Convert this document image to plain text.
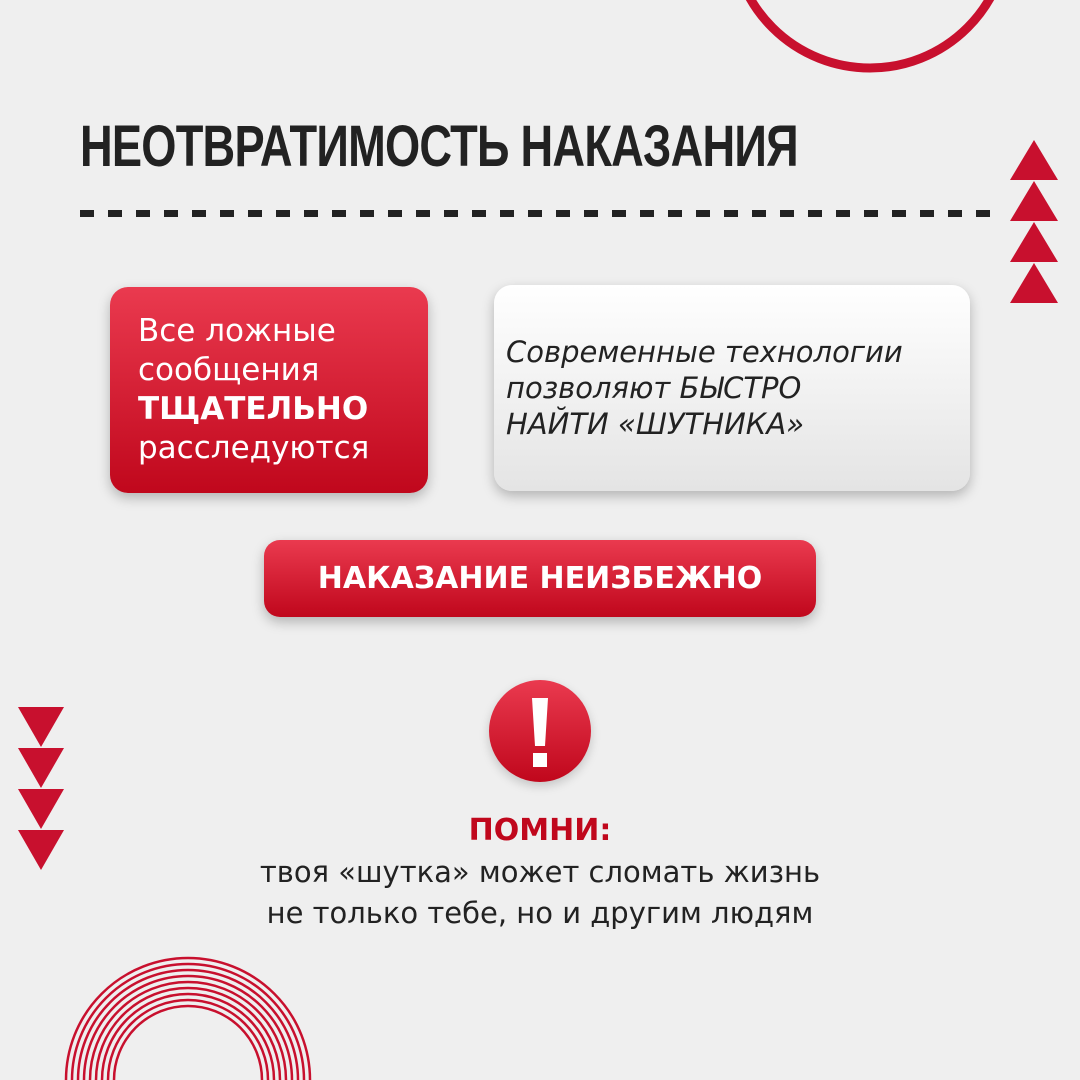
НЕОТВРАТИМОСТЬ НАКАЗАНИЯ
Все ложные
сообщения
ТЩАТЕЛЬНО
расследуются
Современные технологии
позволяют БЫСТРО
НАЙТИ «ШУТНИКА»
НАКАЗАНИЕ НЕИЗБЕЖНО
ПОМНИ:
твоя «шутка» может сломать жизнь
не только тебе, но и другим людям
